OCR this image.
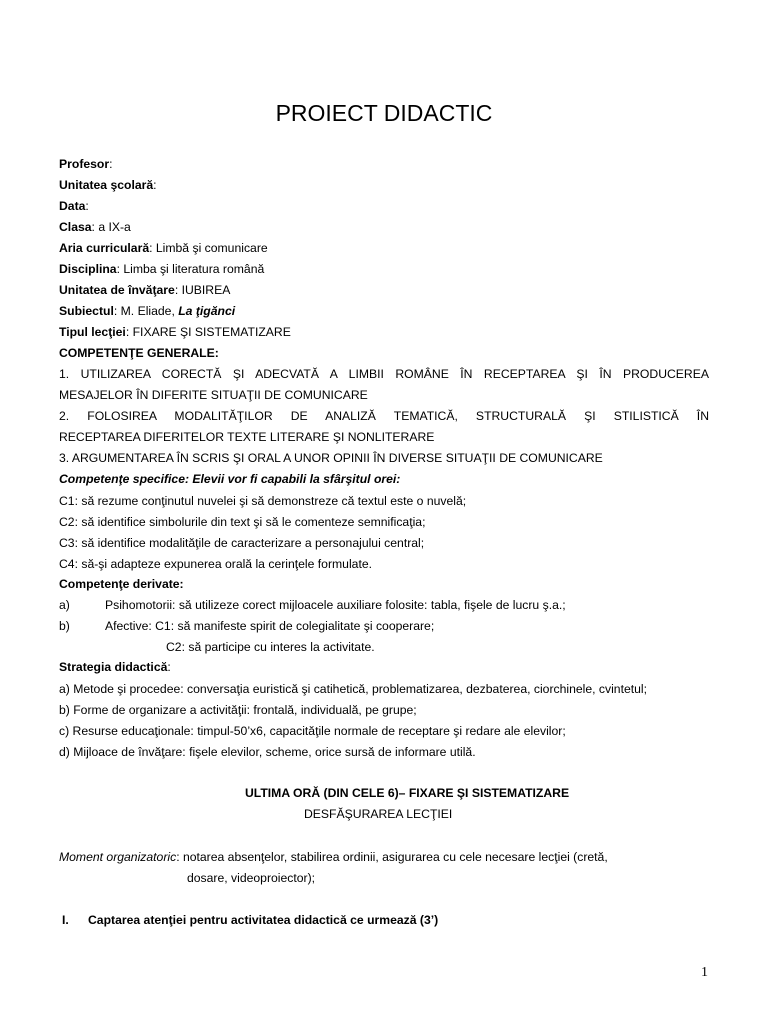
PROIECT DIDACTIC
Profesor:
Unitatea şcolară:
Data:
Clasa: a IX-a
Aria curriculară: Limbă şi comunicare
Disciplina: Limba şi literatura română
Unitatea de învăţare: IUBIREA
Subiectul: M. Eliade, La ţigănci
Tipul lecţiei: FIXARE ŞI SISTEMATIZARE
COMPETENŢE GENERALE:
1. UTILIZAREA CORECTĂ ŞI ADECVATĂ A LIMBII ROMÂNE ÎN RECEPTAREA ŞI ÎN PRODUCEREA
MESAJELOR ÎN DIFERITE SITUAŢII DE COMUNICARE
2. FOLOSIREA MODALITĂŢILOR DE ANALIZĂ TEMATICĂ, STRUCTURALĂ ŞI STILISTICĂ ÎN
RECEPTAREA DIFERITELOR TEXTE LITERARE ŞI NONLITERARE
3. ARGUMENTAREA ÎN SCRIS ŞI ORAL A UNOR OPINII ÎN DIVERSE SITUAŢII DE COMUNICARE
Competenţe specifice: Elevii vor fi capabili la sfârşitul orei:
C1: să rezume conţinutul nuvelei şi să demonstreze că textul este o nuvelă;
C2: să identifice simbolurile din text şi să le comenteze semnificaţia;
C3: să identifice modalităţile de caracterizare a personajului central;
C4: să-şi adapteze expunerea orală la cerinţele formulate.
Competenţe derivate:
a)	Psihomotorii: să utilizeze corect mijloacele auxiliare folosite: tabla, fişele de lucru ş.a.;
b)	Afective: C1: să manifeste spirit de colegialitate şi cooperare;
C2: să participe cu interes la activitate.
Strategia didactică:
a) Metode şi procedee: conversaţia euristică şi catihetică, problematizarea, dezbaterea, ciorchinele, cvintetul;
b) Forme de organizare a activităţii: frontală, individuală, pe grupe;
c) Resurse educaţionale: timpul-50’x6, capacităţile normale de receptare şi redare ale elevilor;
d) Mijloace de învăţare: fişele elevilor, scheme, orice sursă de informare utilă.
ULTIMA ORĂ (DIN CELE 6)– FIXARE ŞI SISTEMATIZARE
DESFĂŞURAREA LECŢIEI
Moment organizatoric: notarea absenţelor, stabilirea ordinii, asigurarea cu cele necesare lecţiei (cretă,
dosare, videoproiector);
I. Captarea atenţiei pentru activitatea didactică ce urmează (3’)
1
